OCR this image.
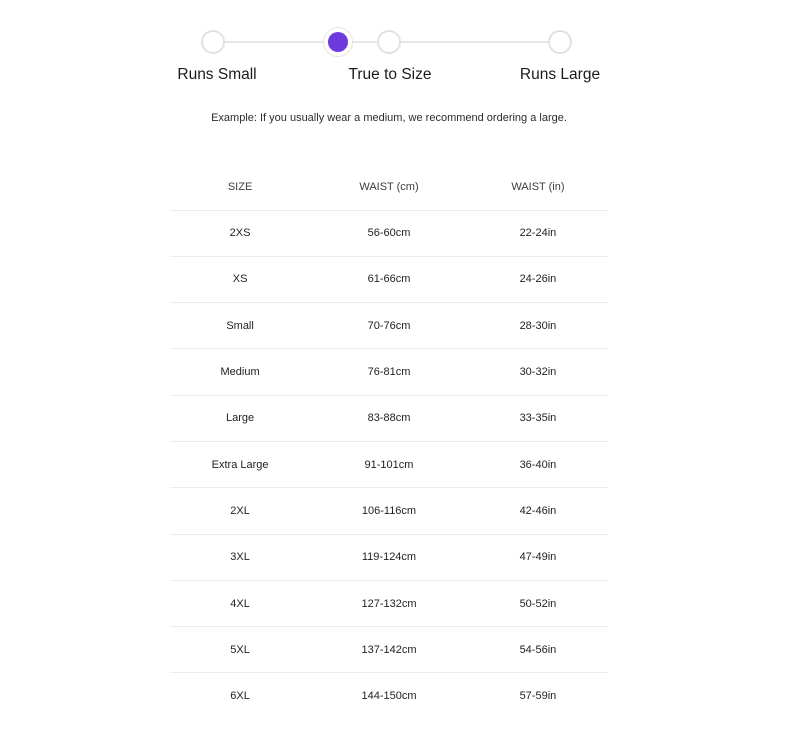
Runs Small	True to Size	Runs Large

Example: If you usually wear a medium, we recommend ordering a large.

SIZE	WAIST (cm)	WAIST (in)
2XS	56-60cm	22-24in
XS	61-66cm	24-26in
Small	70-76cm	28-30in
Medium	76-81cm	30-32in
Large	83-88cm	33-35in
Extra Large	91-101cm	36-40in
2XL	106-116cm	42-46in
3XL	119-124cm	47-49in
4XL	127-132cm	50-52in
5XL	137-142cm	54-56in
6XL	144-150cm	57-59in
